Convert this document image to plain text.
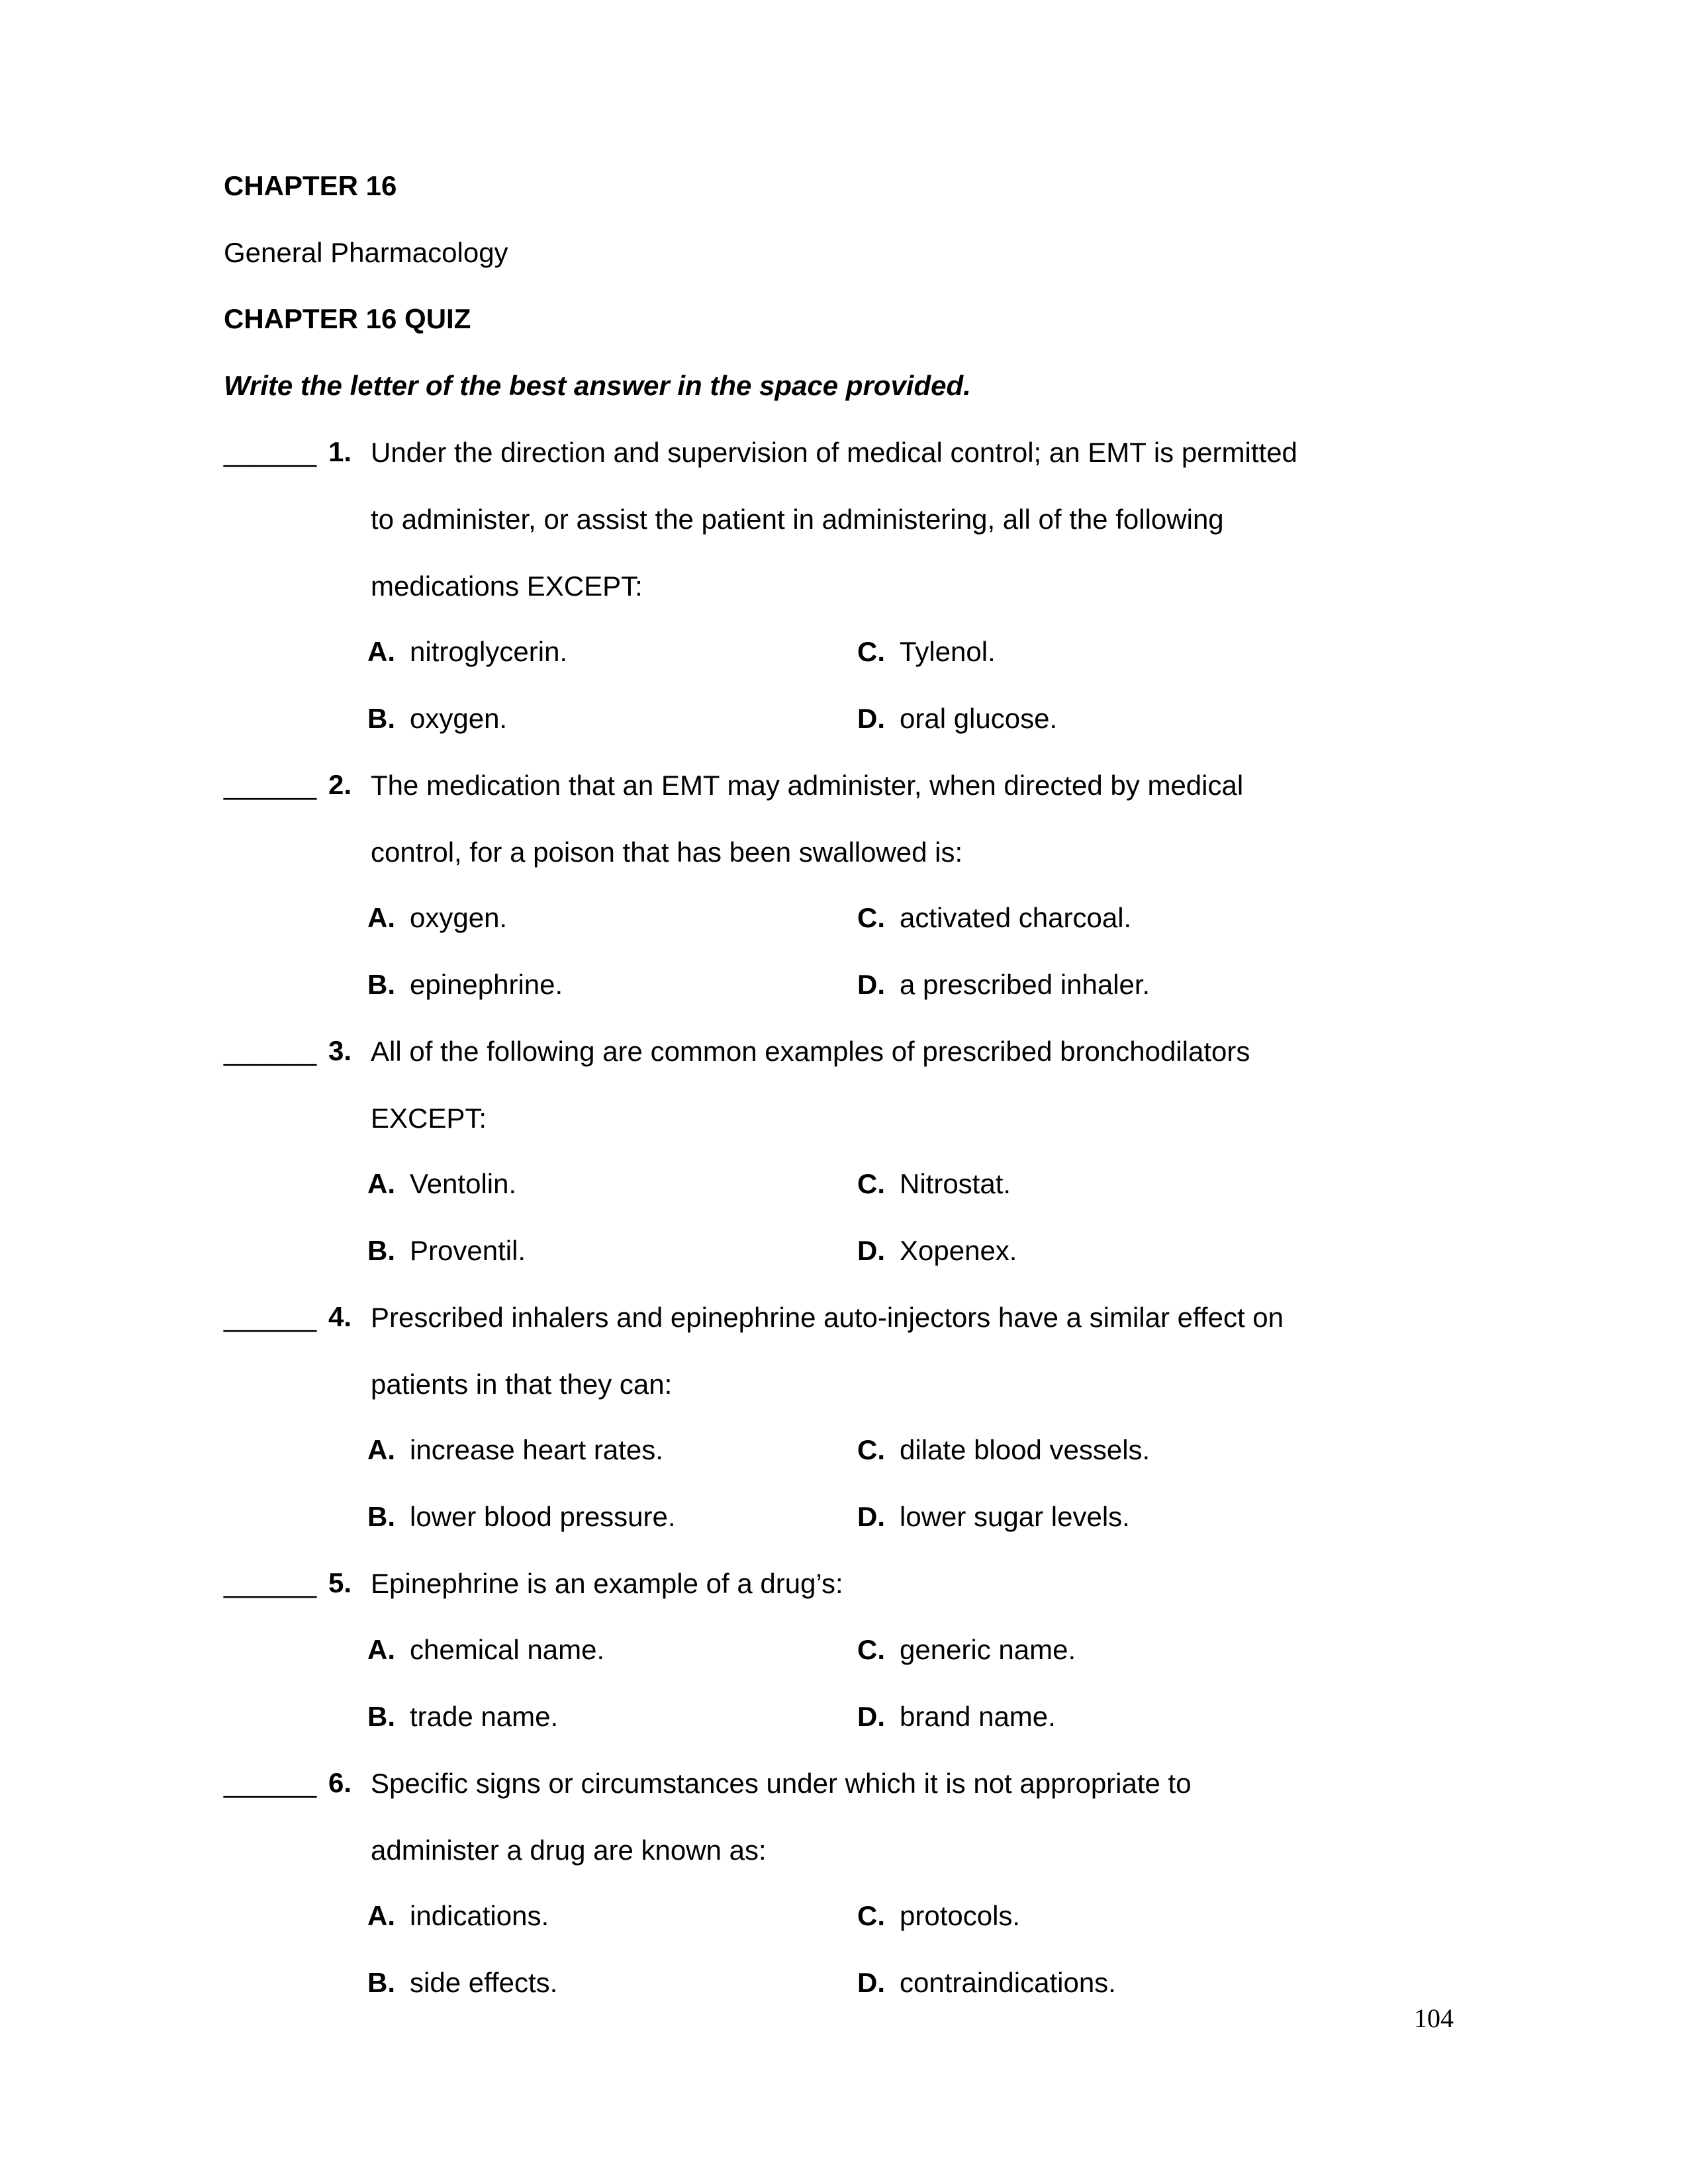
CHAPTER 16
General Pharmacology
CHAPTER 16 QUIZ
Write the letter of the best answer in the space provided.
______ 1. Under the direction and supervision of medical control; an EMT is permitted to administer, or assist the patient in administering, all of the following medications EXCEPT:
A. nitroglycerin.
B. oxygen.
C. Tylenol.
D. oral glucose.
______ 2. The medication that an EMT may administer, when directed by medical control, for a poison that has been swallowed is:
A. oxygen.
B. epinephrine.
C. activated charcoal.
D. a prescribed inhaler.
______ 3. All of the following are common examples of prescribed bronchodilators EXCEPT:
A. Ventolin.
B. Proventil.
C. Nitrostat.
D. Xopenex.
______ 4. Prescribed inhalers and epinephrine auto-injectors have a similar effect on patients in that they can:
A. increase heart rates.
B. lower blood pressure.
C. dilate blood vessels.
D. lower sugar levels.
______ 5. Epinephrine is an example of a drug’s:
A. chemical name.
B. trade name.
C. generic name.
D. brand name.
______ 6. Specific signs or circumstances under which it is not appropriate to administer a drug are known as:
A. indications.
B. side effects.
C. protocols.
D. contraindications.
104
